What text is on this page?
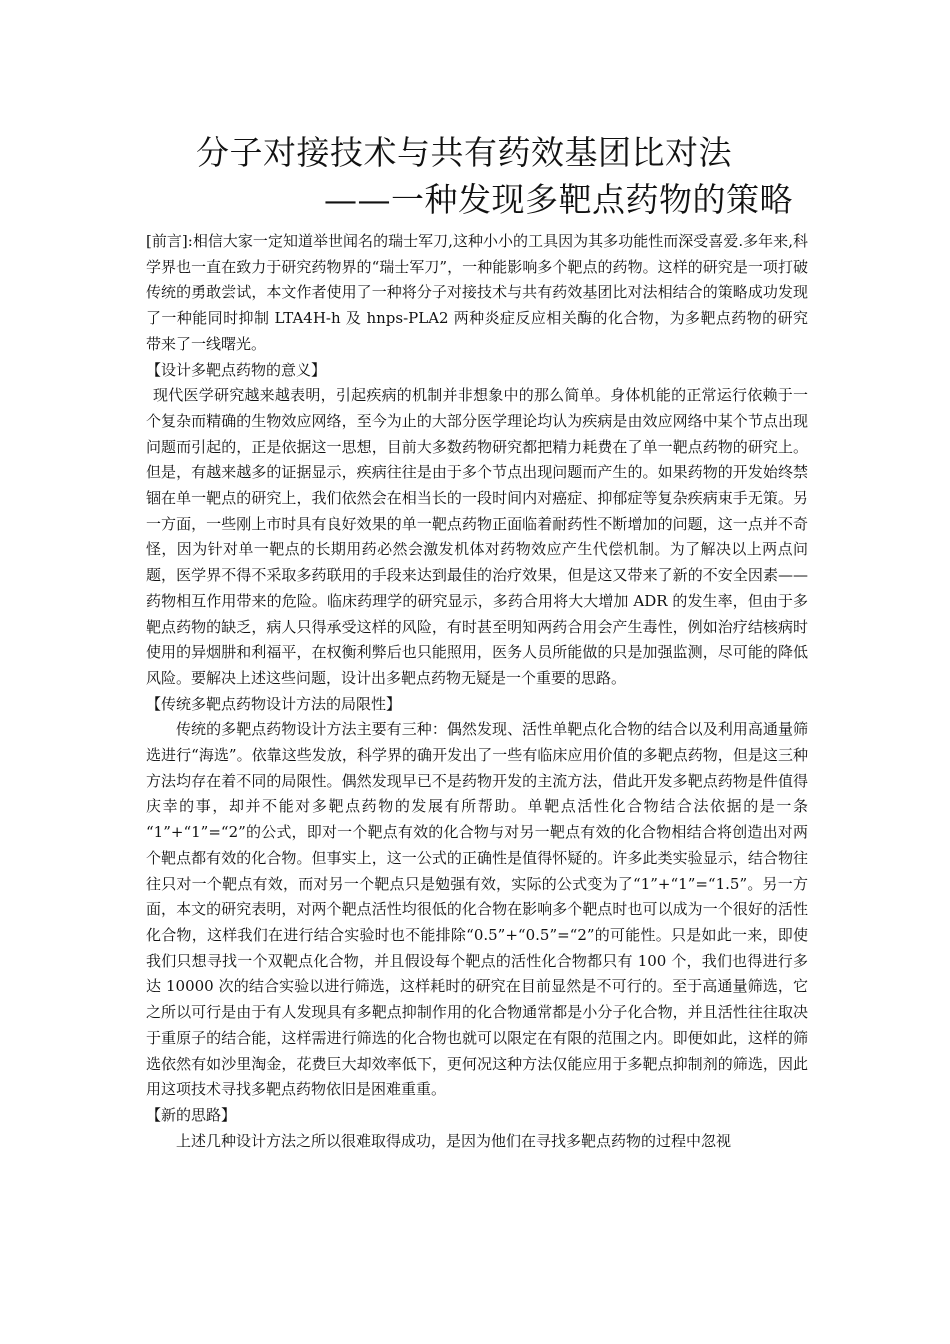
分子对接技术与共有药效基团比对法
——一种发现多靶点药物的策略

[前言]:相信大家一定知道举世闻名的瑞士军刀,这种小小的工具因为其多功能性而深受喜爱.多年来,科学界也一直在致力于研究药物界的“瑞士军刀”，一种能影响多个靶点的药物。这样的研究是一项打破传统的勇敢尝试，本文作者使用了一种将分子对接技术与共有药效基团比对法相结合的策略成功发现了一种能同时抑制 LTA4H-h 及 hnps-PLA2 两种炎症反应相关酶的化合物，为多靶点药物的研究带来了一线曙光。

【设计多靶点药物的意义】

现代医学研究越来越表明，引起疾病的机制并非想象中的那么简单。身体机能的正常运行依赖于一个复杂而精确的生物效应网络，至今为止的大部分医学理论均认为疾病是由效应网络中某个节点出现问题而引起的，正是依据这一思想，目前大多数药物研究都把精力耗费在了单一靶点药物的研究上。但是，有越来越多的证据显示，疾病往往是由于多个节点出现问题而产生的。如果药物的开发始终禁锢在单一靶点的研究上，我们依然会在相当长的一段时间内对癌症、抑郁症等复杂疾病束手无策。另一方面，一些刚上市时具有良好效果的单一靶点药物正面临着耐药性不断增加的问题，这一点并不奇怪，因为针对单一靶点的长期用药必然会激发机体对药物效应产生代偿机制。为了解决以上两点问题，医学界不得不采取多药联用的手段来达到最佳的治疗效果，但是这又带来了新的不安全因素——药物相互作用带来的危险。临床药理学的研究显示，多药合用将大大增加 ADR 的发生率，但由于多靶点药物的缺乏，病人只得承受这样的风险，有时甚至明知两药合用会产生毒性，例如治疗结核病时使用的异烟肼和利福平，在权衡利弊后也只能照用，医务人员所能做的只是加强监测，尽可能的降低风险。要解决上述这些问题，设计出多靶点药物无疑是一个重要的思路。

【传统多靶点药物设计方法的局限性】

传统的多靶点药物设计方法主要有三种：偶然发现、活性单靶点化合物的结合以及利用高通量筛选进行“海选”。依靠这些发放，科学界的确开发出了一些有临床应用价值的多靶点药物，但是这三种方法均存在着不同的局限性。偶然发现早已不是药物开发的主流方法，借此开发多靶点药物是件值得庆幸的事，却并不能对多靶点药物的发展有所帮助。单靶点活性化合物结合法依据的是一条 “1”+“1”=“2”的公式，即对一个靶点有效的化合物与对另一靶点有效的化合物相结合将创造出对两个靶点都有效的化合物。但事实上，这一公式的正确性是值得怀疑的。许多此类实验显示，结合物往往只对一个靶点有效，而对另一个靶点只是勉强有效，实际的公式变为了“1”+“1”=“1.5”。另一方面，本文的研究表明，对两个靶点活性均很低的化合物在影响多个靶点时也可以成为一个很好的活性化合物，这样我们在进行结合实验时也不能排除“0.5”+“0.5”=“2”的可能性。只是如此一来，即使我们只想寻找一个双靶点化合物，并且假设每个靶点的活性化合物都只有 100 个，我们也得进行多达 10000 次的结合实验以进行筛选，这样耗时的研究在目前显然是不可行的。至于高通量筛选，它之所以可行是由于有人发现具有多靶点抑制作用的化合物通常都是小分子化合物，并且活性往往取决于重原子的结合能，这样需进行筛选的化合物也就可以限定在有限的范围之内。即便如此，这样的筛选依然有如沙里淘金，花费巨大却效率低下，更何况这种方法仅能应用于多靶点抑制剂的筛选，因此用这项技术寻找多靶点药物依旧是困难重重。

【新的思路】

上述几种设计方法之所以很难取得成功，是因为他们在寻找多靶点药物的过程中忽视
